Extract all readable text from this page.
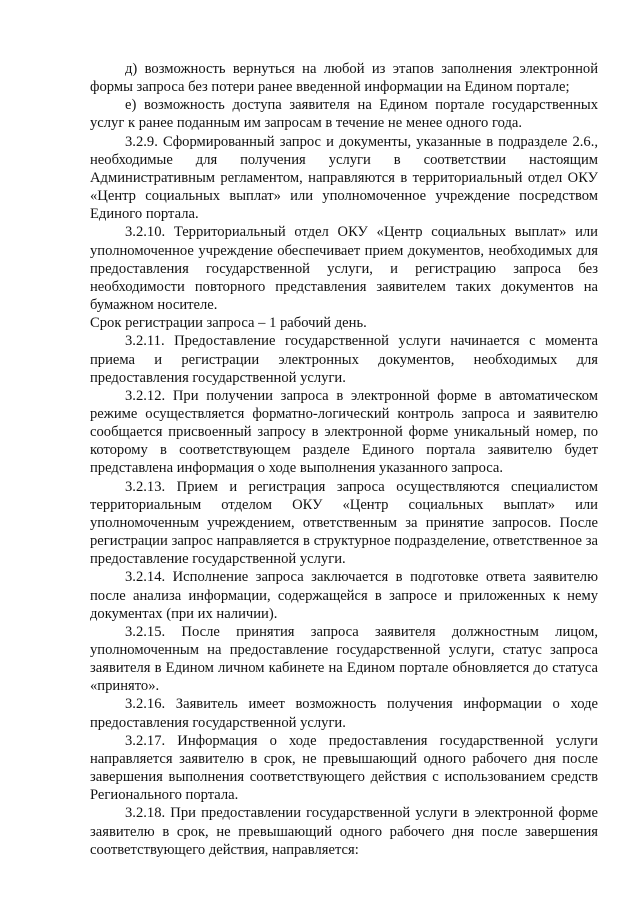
д) возможность вернуться на любой из этапов заполнения электронной формы запроса без потери ранее введенной информации на Едином портале;

е) возможность доступа заявителя на Едином портале государственных услуг к ранее поданным им запросам в течение не менее одного года.

3.2.9. Сформированный запрос и документы, указанные в подразделе 2.6., необходимые для получения услуги в соответствии настоящим Административным регламентом, направляются в территориальный отдел ОКУ «Центр социальных выплат» или уполномоченное учреждение посредством Единого портала.

3.2.10. Территориальный отдел ОКУ «Центр социальных выплат» или уполномоченное учреждение обеспечивает прием документов, необходимых для предоставления государственной услуги, и регистрацию запроса без необходимости повторного представления заявителем таких документов на бумажном носителе.

Срок регистрации запроса – 1 рабочий день.

3.2.11. Предоставление государственной услуги начинается с момента приема и регистрации электронных документов, необходимых для предоставления государственной услуги.

3.2.12. При получении запроса в электронной форме в автоматическом режиме осуществляется форматно-логический контроль запроса и заявителю сообщается присвоенный запросу в электронной форме уникальный номер, по которому в соответствующем разделе Единого портала заявителю будет представлена информация о ходе выполнения указанного запроса.

3.2.13. Прием и регистрация запроса осуществляются специалистом территориальным отделом ОКУ «Центр социальных выплат» или уполномоченным учреждением, ответственным за принятие запросов. После регистрации запрос направляется в структурное подразделение, ответственное за предоставление государственной услуги.

3.2.14. Исполнение запроса заключается в подготовке ответа заявителю после анализа информации, содержащейся в запросе и приложенных к нему документах (при их наличии).

3.2.15. После принятия запроса заявителя должностным лицом, уполномоченным на предоставление государственной услуги, статус запроса заявителя в Едином личном кабинете на Едином портале обновляется до статуса «принято».

3.2.16. Заявитель имеет возможность получения информации о ходе предоставления государственной услуги.

3.2.17. Информация о ходе предоставления государственной услуги направляется заявителю в срок, не превышающий одного рабочего дня после завершения выполнения соответствующего действия с использованием средств Регионального портала.

3.2.18. При предоставлении государственной услуги в электронной форме заявителю в срок, не превышающий одного рабочего дня после завершения соответствующего действия, направляется:
